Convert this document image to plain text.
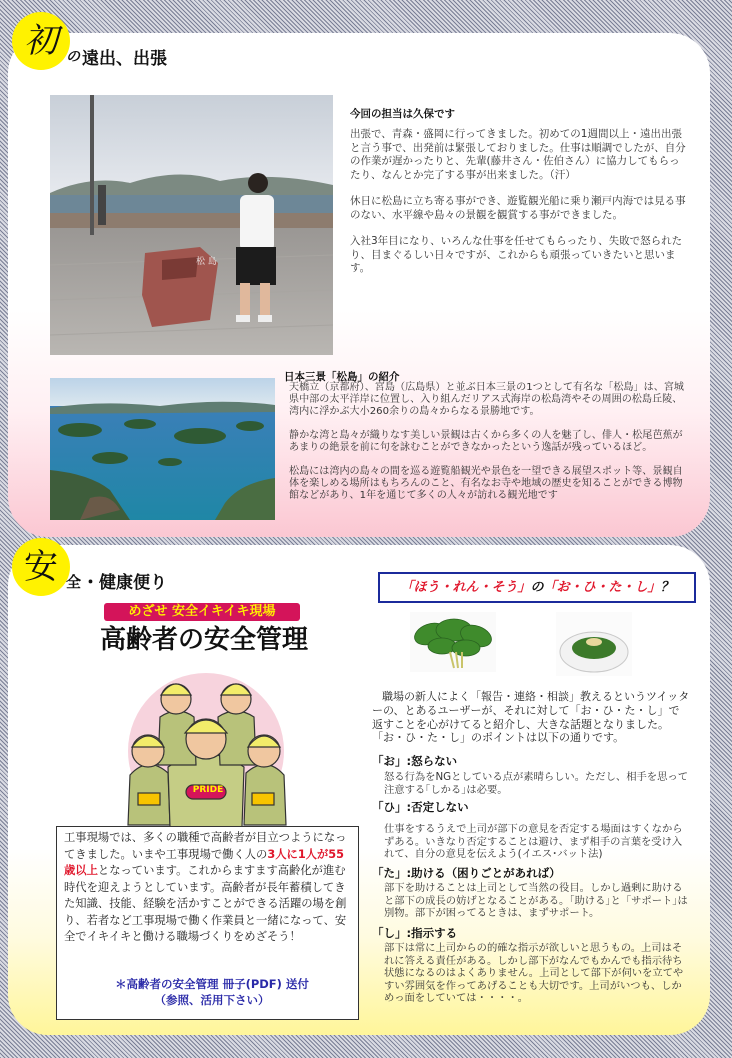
初 の 遠出、出張
松 島
今回の担当は久保です

出張で、青森・盛岡に行ってきました。初めての1週間以上・遠出出張と言う事で、出発前は緊張しておりました。仕事は順調でしたが、自分の作業が遅かったりと、先輩(藤井さん・佐伯さん）に協力してもらったり、なんとか完了する事が出来ました。（汗）

休日に松島に立ち寄る事ができ、遊覧観光船に乗り瀬戸内海では見る事のない、水平線や島々の景観を観賞する事ができました。

入社3年目になり、いろんな仕事を任せてもらったり、失敗で怒られたり、目まぐるしい日々ですが、これからも頑張っていきたいと思います。

日本三景「松島」の紹介

天橋立（京都府）、宮島（広島県）と並ぶ日本三景の1つとして有名な「松島」は、宮城県中部の太平洋岸に位置し、入り組んだリアス式海岸の松島湾やその周囲の松島丘陵、湾内に浮かぶ大小260余りの島々からなる景勝地です。

静かな湾と島々が織りなす美しい景観は古くから多くの人を魅了し、俳人・松尾芭蕉があまりの絶景を前に句を詠むことができなかったという逸話が残っているほど。

松島には湾内の島々の間を巡る遊覧船観光や景色を一望できる展望スポット等、景観自体を楽しめる場所はもちろんのこと、有名なお寺や地域の歴史を知ることができる博物館などがあり、1年を通じて多くの人々が訪れる観光地です

安 全 ・健康便り
めざせ 安全イキイキ現場
高齢者の安全管理
PRIDE
工事現場では、多くの職種で高齢者が目立つようになってきました。いまや工事現場で働く人の3人に1人が55歳以上となっています。これからますます高齢化が進む時代を迎えようとしています。高齢者が長年蓄積してきた知識、技能、経験を活かすことができる活躍の場を創り、若者など工事現場で働く作業員と一緒になって、安全でイキイキと働ける職場づくりをめざそう！
＊高齢者の安全管理 冊子(PDF) 送付
（参照、活用下さい）
「ほう・れん・そう」の「お・ひ・た・し」？
職場の新人によく「報告・連絡・相談」教えるというツイッターの、とあるユーザーが、それに対して「お・ひ・た・し」で返すことを心がけてると紹介し、大きな話題となりました。「お・ひ・た・し」のポイントは以下の通りです。
「お」:怒らない
怒る行為をNGとしている点が素晴らしい。ただし、相手を思って注意する｢しかる｣は必要。
「ひ」:否定しない
仕事をするうえで上司が部下の意見を否定する場面はすくなからずある。いきなり否定することは避け、まず相手の言葉を受け入れて、自分の意見を伝えよう(イエス･バット法)
「た」:助ける（困りごとがあれば）
部下を助けることは上司として当然の役目。しかし過剰に助けると部下の成長の妨げとなることがある。｢助ける｣と「サポート｣は別物。部下が困ってるときは、まずサポート。
「し」:指示する
部下は常に上司からの的確な指示が欲しいと思うもの。上司はそれに答える責任がある。しかし部下がなんでもかんでも指示待ち状態になるのはよくありません。上司として部下が伺いを立てやすい雰囲気を作ってあげることも大切です。上司がいつも、しかめっ面をしていては・・・・。
